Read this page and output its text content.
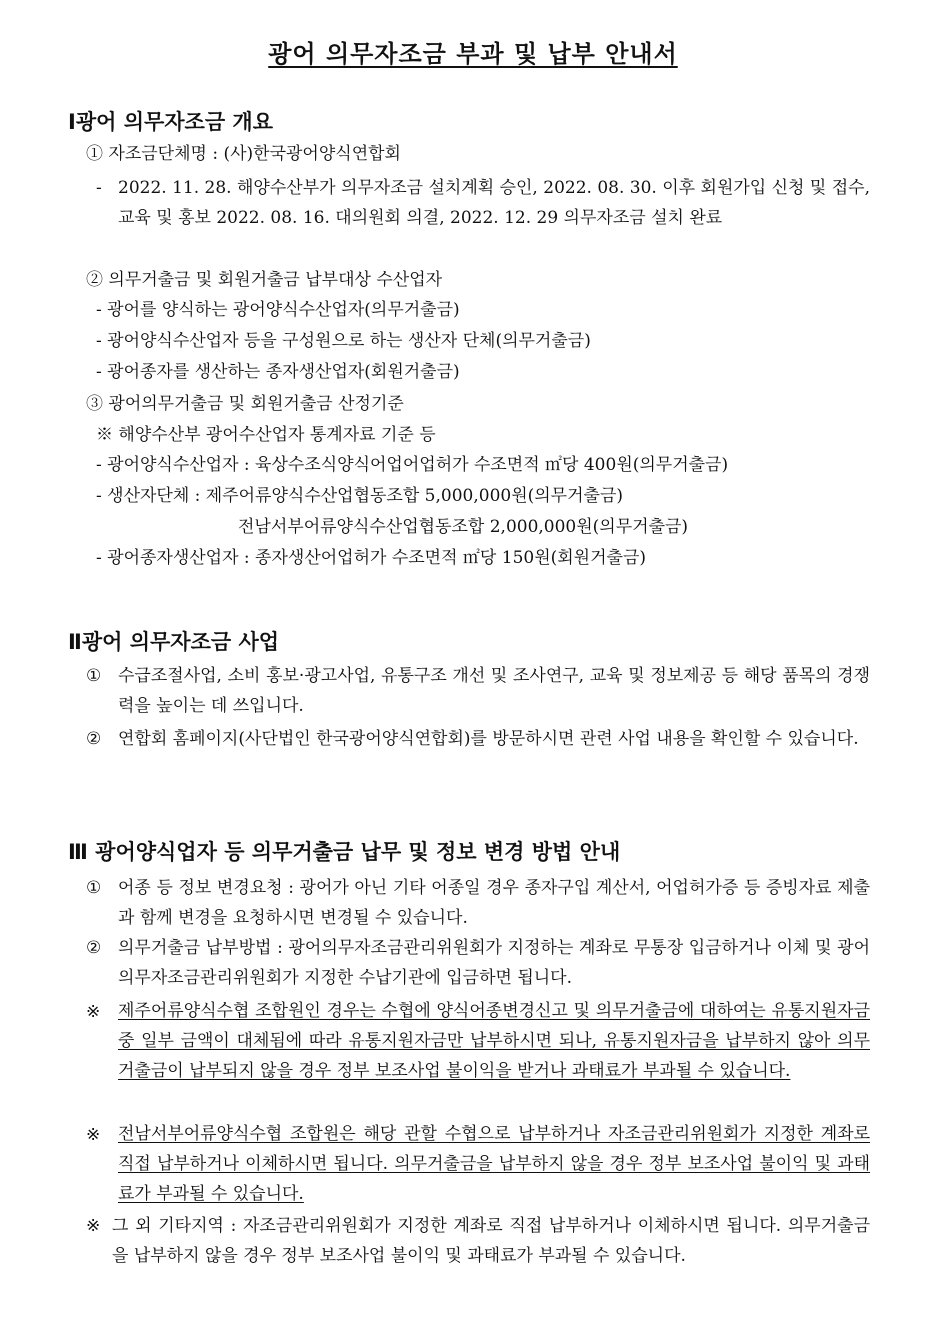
광어 의무자조금 부과 및 납부 안내서
Ⅰ광어 의무자조금 개요
① 자조금단체명 : (사)한국광어양식연합회
- 2022. 11. 28. 해양수산부가 의무자조금 설치계획 승인, 2022. 08. 30. 이후 회원가입 신청 및 접수, 교육 및 홍보 2022. 08. 16. 대의원회 의결, 2022. 12. 29 의무자조금 설치 완료
② 의무거출금 및 회원거출금 납부대상 수산업자
- 광어를 양식하는 광어양식수산업자(의무거출금)
- 광어양식수산업자 등을 구성원으로 하는 생산자 단체(의무거출금)
- 광어종자를 생산하는 종자생산업자(회원거출금)
③ 광어의무거출금 및 회원거출금 산정기준
※ 해양수산부 광어수산업자 통계자료 기준 등
- 광어양식수산업자 : 육상수조식양식어업어업허가 수조면적 ㎡당 400원(의무거출금)
- 생산자단체 : 제주어류양식수산업협동조합 5,000,000원(의무거출금)
전남서부어류양식수산업협동조합 2,000,000원(의무거출금)
- 광어종자생산업자 : 종자생산어업허가 수조면적 ㎡당 150원(회원거출금)
Ⅱ광어 의무자조금 사업
① 수급조절사업, 소비 홍보·광고사업, 유통구조 개선 및 조사연구, 교육 및 정보제공 등 해당 품목의 경쟁력을 높이는 데 쓰입니다.
② 연합회 홈페이지(사단법인 한국광어양식연합회)를 방문하시면 관련 사업 내용을 확인할 수 있습니다.
Ⅲ 광어양식업자 등 의무거출금 납무 및 정보 변경 방법 안내
① 어종 등 정보 변경요청 : 광어가 아닌 기타 어종일 경우 종자구입 계산서, 어업허가증 등 증빙자료 제출과 함께 변경을 요청하시면 변경될 수 있습니다.
② 의무거출금 납부방법 : 광어의무자조금관리위원회가 지정하는 계좌로 무통장 입금하거나 이체 및 광어의무자조금관리위원회가 지정한 수납기관에 입금하면 됩니다.
※ 제주어류양식수협 조합원인 경우는 수협에 양식어종변경신고 및 의무거출금에 대하여는 유통지원자금 중 일부 금액이 대체됨에 따라 유통지원자금만 납부하시면 되나, 유통지원자금을 납부하지 않아 의무거출금이 납부되지 않을 경우 정부 보조사업 불이익을 받거나 과태료가 부과될 수 있습니다.
※ 전남서부어류양식수협 조합원은 해당 관할 수협으로 납부하거나 자조금관리위원회가 지정한 계좌로 직접 납부하거나 이체하시면 됩니다. 의무거출금을 납부하지 않을 경우 정부 보조사업 불이익 및 과태료가 부과될 수 있습니다.
※ 그 외 기타지역 : 자조금관리위원회가 지정한 계좌로 직접 납부하거나 이체하시면 됩니다. 의무거출금을 납부하지 않을 경우 정부 보조사업 불이익 및 과태료가 부과될 수 있습니다.
